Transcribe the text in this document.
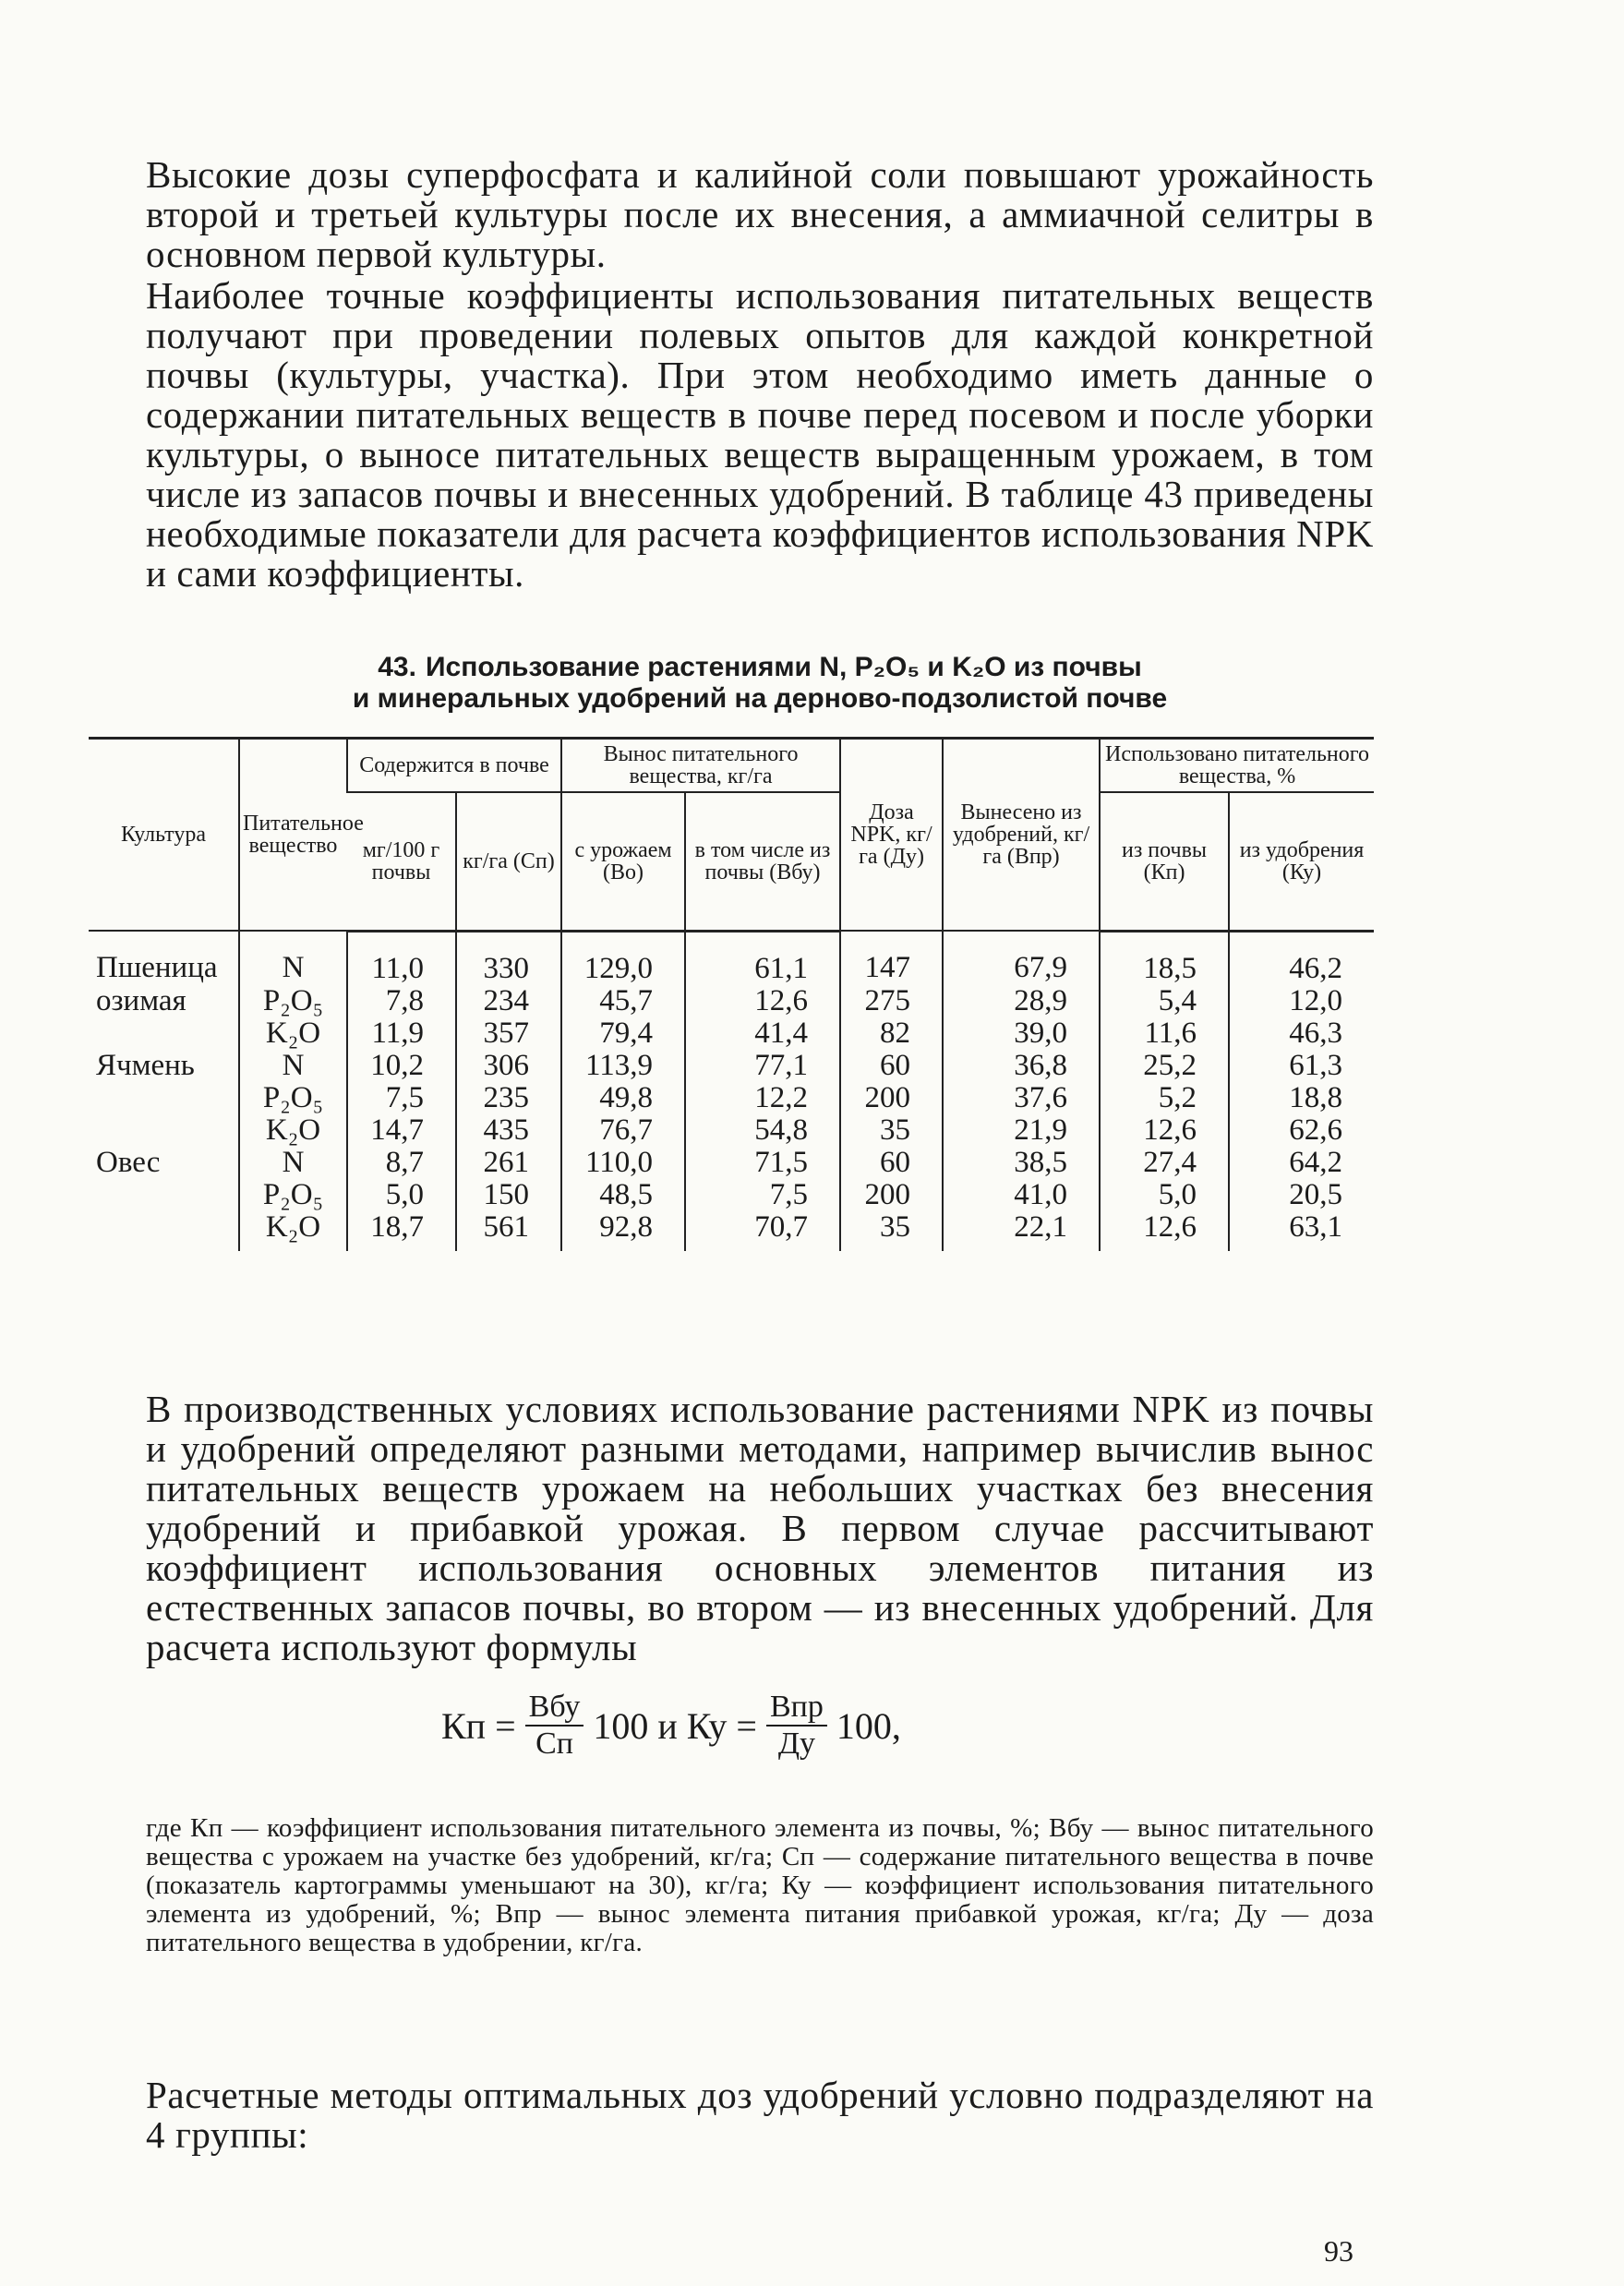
Высокие дозы суперфосфата и калийной соли повышают урожайность второй и третьей культуры после их внесения, а аммиачной селитры в основном первой культуры.

Наиболее точные коэффициенты использования питательных веществ получают при проведении полевых опытов для каждой конкретной почвы (культуры, участка). При этом необходимо иметь данные о содержании питательных веществ в почве перед посевом и после уборки культуры, о выносе питательных веществ выращенным урожаем, в том числе из запасов почвы и внесенных удобрений. В таблице 43 приведены необходимые показатели для расчета коэффициентов использования NPK и сами коэффициенты.

43. Использование растениями N, P₂O₅ и K₂O из почвы
и минеральных удобрений на дерново-подзолистой почве
Культура	Питательное вещество	Содержится в почве		Вынос питательного вещества, кг/га		Доза NPK, кг/га (Ду)	Вынесено из удобрений, кг/га (Впр)	Использовано питательного вещества, %	
		мг/100 г почвы	кг/га (Сп)	с урожаем (Во)	в том числе из почвы (Вбу)			из почвы (Кп)	из удобрения (Ку)
Пшеница	N	11,0	330	129,0	61,1	147	67,9	18,5	46,2
озимая	P₂O₅	7,8	234	45,7	12,6	275	28,9	5,4	12,0
	K₂O	11,9	357	79,4	41,4	82	39,0	11,6	46,3
Ячмень	N	10,2	306	113,9	77,1	60	36,8	25,2	61,3
	P₂O₅	7,5	235	49,8	12,2	200	37,6	5,2	18,8
	K₂O	14,7	435	76,7	54,8	35	21,9	12,6	62,6
Овес	N	8,7	261	110,0	71,5	60	38,5	27,4	64,2
	P₂O₅	5,0	150	48,5	7,5	200	41,0	5,0	20,5
	K₂O	18,7	561	92,8	70,7	35	22,1	12,6	63,1
В производственных условиях использование растениями NPK из почвы и удобрений определяют разными методами, например вычислив вынос питательных веществ урожаем на небольших участках без внесения удобрений и прибавкой урожая. В первом случае рассчитывают коэффициент использования основных элементов питания из естественных запасов почвы, во втором — из внесенных удобрений. Для расчета используют формулы
Кп = $\frac{\text{Вбу}}{Сп} 100$ и Ку = $\frac{\text{Впр}}{Ду} 100$,
где Кп — коэффициент использования питательного элемента из почвы, %; Вбу — вынос питательного вещества с урожаем на участке без удобрений, кг/га; Сп — содержание питательного вещества в почве (показатель картограммы уменьшают на 30), кг/га; Ку — коэффициент использования питательного элемента из удобрений, %; Впр — вынос элемента питания прибавкой урожая, кг/га; Ду — доза питательного вещества в удобрении, кг/га.
Расчетные методы оптимальных доз удобрений условно подразделяют на 4 группы:
93
